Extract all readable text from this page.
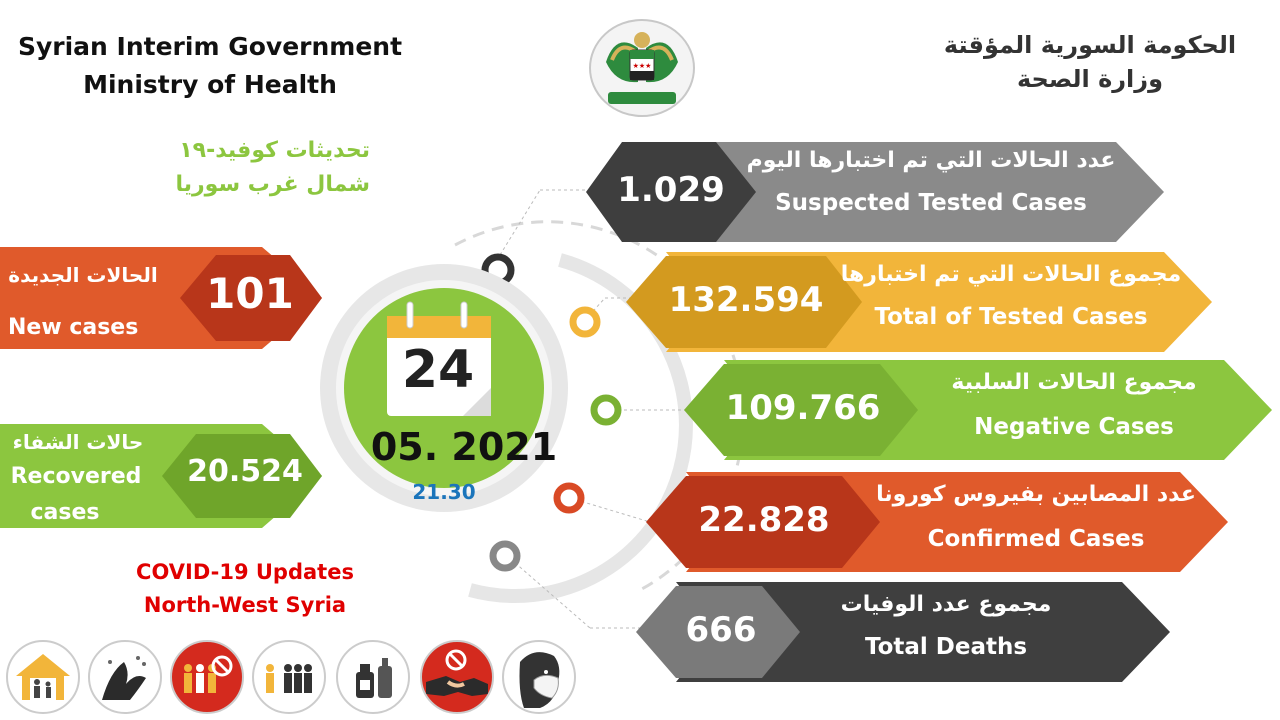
Syrian Interim Government
Ministry of Health
★★★
الحكومة السورية المؤقتة
وزارة الصحة
تحديثات كوفيد-١٩
شمال غرب سوريا
24
05. 2021
21.30
الحالات الجديدة
New cases
101
حالات الشفاء
Recovered
cases
20.524
COVID-19 Updates
North-West Syria
1.029
عدد الحالات التي تم اختبارها اليوم
Suspected Tested Cases
132.594
مجموع الحالات التي تم اختبارها
Total of Tested Cases
109.766
مجموع الحالات السلبية
Negative Cases
22.828
عدد المصابين بفيروس كورونا
Confirmed Cases
666
مجموع عدد الوفيات
Total Deaths
